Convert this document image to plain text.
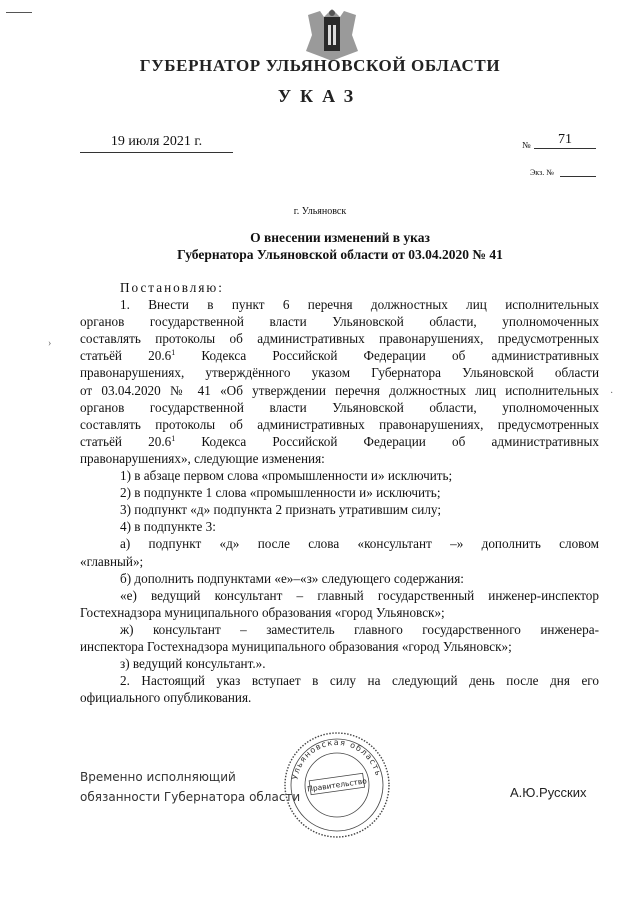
ГУБЕРНАТОР УЛЬЯНОВСКОЙ ОБЛАСТИ
УКАЗ
19 июля 2021 г.	№	71
Экз. №
г. Ульяновск
О внесении изменений в указ
Губернатора Ульяновской области от 03.04.2020 № 41

Постановляю:

1. Внести в пункт 6 перечня должностных лиц исполнительных

органов государственной власти Ульяновской области, уполномоченных

составлять протоколы об административных правонарушениях, предусмотренных

статьёй 20.6$^1$ Кодекса Российской Федерации об административных

правонарушениях, утверждённого указом Губернатора Ульяновской области

от 03.04.2020 № 41 «Об утверждении перечня должностных лиц исполнительных

органов государственной власти Ульяновской области, уполномоченных

составлять протоколы об административных правонарушениях, предусмотренных

статьёй 20.6$^1$ Кодекса Российской Федерации об административных

правонарушениях», следующие изменения:

1) в абзаце первом слова «промышленности и» исключить;

2) в подпункте 1 слова «промышленности и» исключить;

3) подпункт «д» подпункта 2 признать утратившим силу;

4) в подпункте 3:

а) подпункт «д» после слова «консультант –» дополнить словом

«главный»;

б) дополнить подпунктами «е»–«з» следующего содержания:

«е) ведущий консультант – главный государственный инженер-инспектор

Гостехнадзора муниципального образования «город Ульяновск»;

ж) консультант – заместитель главного государственного инженера-

инспектора Гостехнадзора муниципального образования «город Ульяновск»;

з) ведущий консультант.».

2. Настоящий указ вступает в силу на следующий день после дня его

официального опубликования.

›
·
Временно исполняющий
обязанности Губернатора области
Ульяновская область
Правительство	А.Ю.Русских
